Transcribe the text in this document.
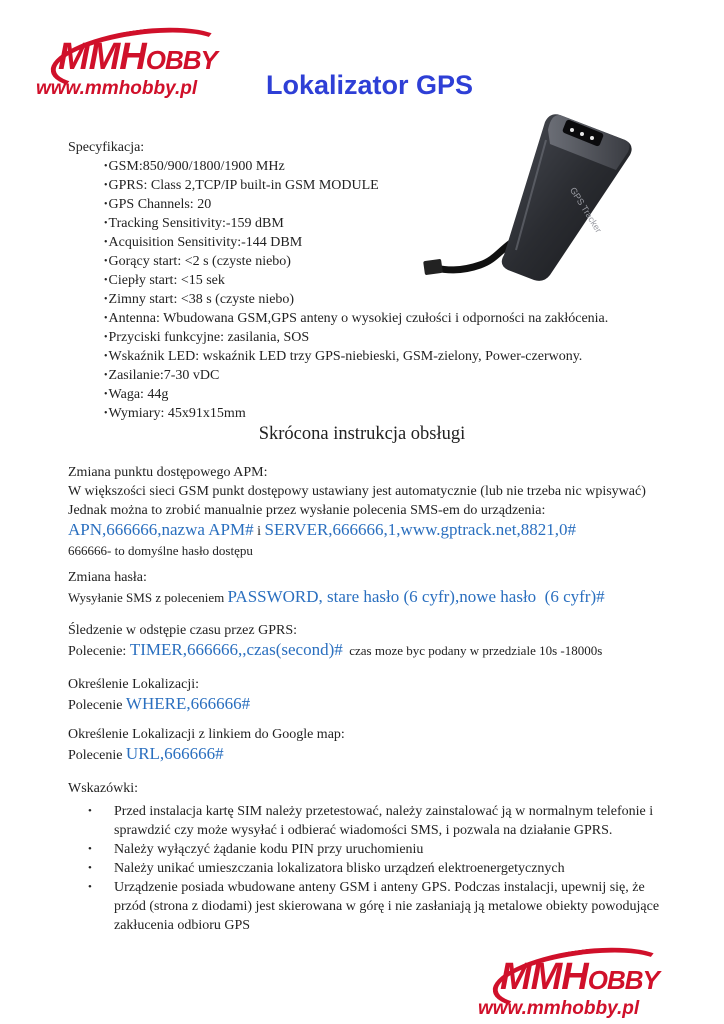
MMHOBBY
www.mmhobby.pl	Lokalizator GPS
GPS Tracker
Specyfikacja:
• GSM:850/900/1800/1900 MHz
• GPRS: Class 2,TCP/IP built-in GSM MODULE
• GPS Channels: 20
• Tracking Sensitivity:-159 dBM
• Acquisition Sensitivity:-144 DBM
• Gorący start: <2 s (czyste niebo)
• Ciepły start: <15 sek
• Zimny start: <38 s (czyste niebo)
• Antenna: Wbudowana GSM,GPS anteny o wysokiej czułości i odporności na zakłócenia.
• Przyciski funkcyjne: zasilania, SOS
• Wskaźnik LED: wskaźnik LED trzy GPS-niebieski, GSM-zielony, Power-czerwony.
• Zasilanie:7-30 vDC
• Waga: 44g
• Wymiary: 45x91x15mm
Skrócona instrukcja obsługi
Zmiana punktu dostępowego APM:
W większości sieci GSM punkt dostępowy ustawiany jest automatycznie (lub nie trzeba nic wpisywać) Jednak można to zrobić manualnie przez wysłanie polecenia SMS-em do urządzenia:
APN,666666,nazwa APM# i SERVER,666666,1,www.gptrack.net,8821,0#
666666- to domyślne hasło dostępu
Zmiana hasła:
Wysyłanie SMS z poleceniem PASSWORD, stare hasło (6 cyfr),nowe hasło  (6 cyfr)#
Śledzenie w odstępie czasu przez GPRS:
Polecenie: TIMER,666666,,czas(second)#  czas moze byc podany w przedziale 10s -18000s
Określenie Lokalizacji:
Polecenie WHERE,666666#
Określenie Lokalizacji z linkiem do Google map:
Polecenie URL,666666#
Wskazówki:
• Przed instalacja kartę SIM należy przetestować, należy zainstalować ją w normalnym telefonie i sprawdzić czy może wysyłać i odbierać wiadomości SMS, i pozwala na działanie GPRS.
• Należy wyłączyć żądanie kodu PIN przy uruchomieniu
• Należy unikać umieszczania lokalizatora blisko urządzeń elektroenergetycznych
• Urządzenie posiada wbudowane anteny GSM i anteny GPS. Podczas instalacji, upewnij się, że przód (strona z diodami) jest skierowana w górę i nie zasłaniają ją metalowe obiekty powodujące zakłucenia odbioru GPS
MMHOBBY
www.mmhobby.pl
